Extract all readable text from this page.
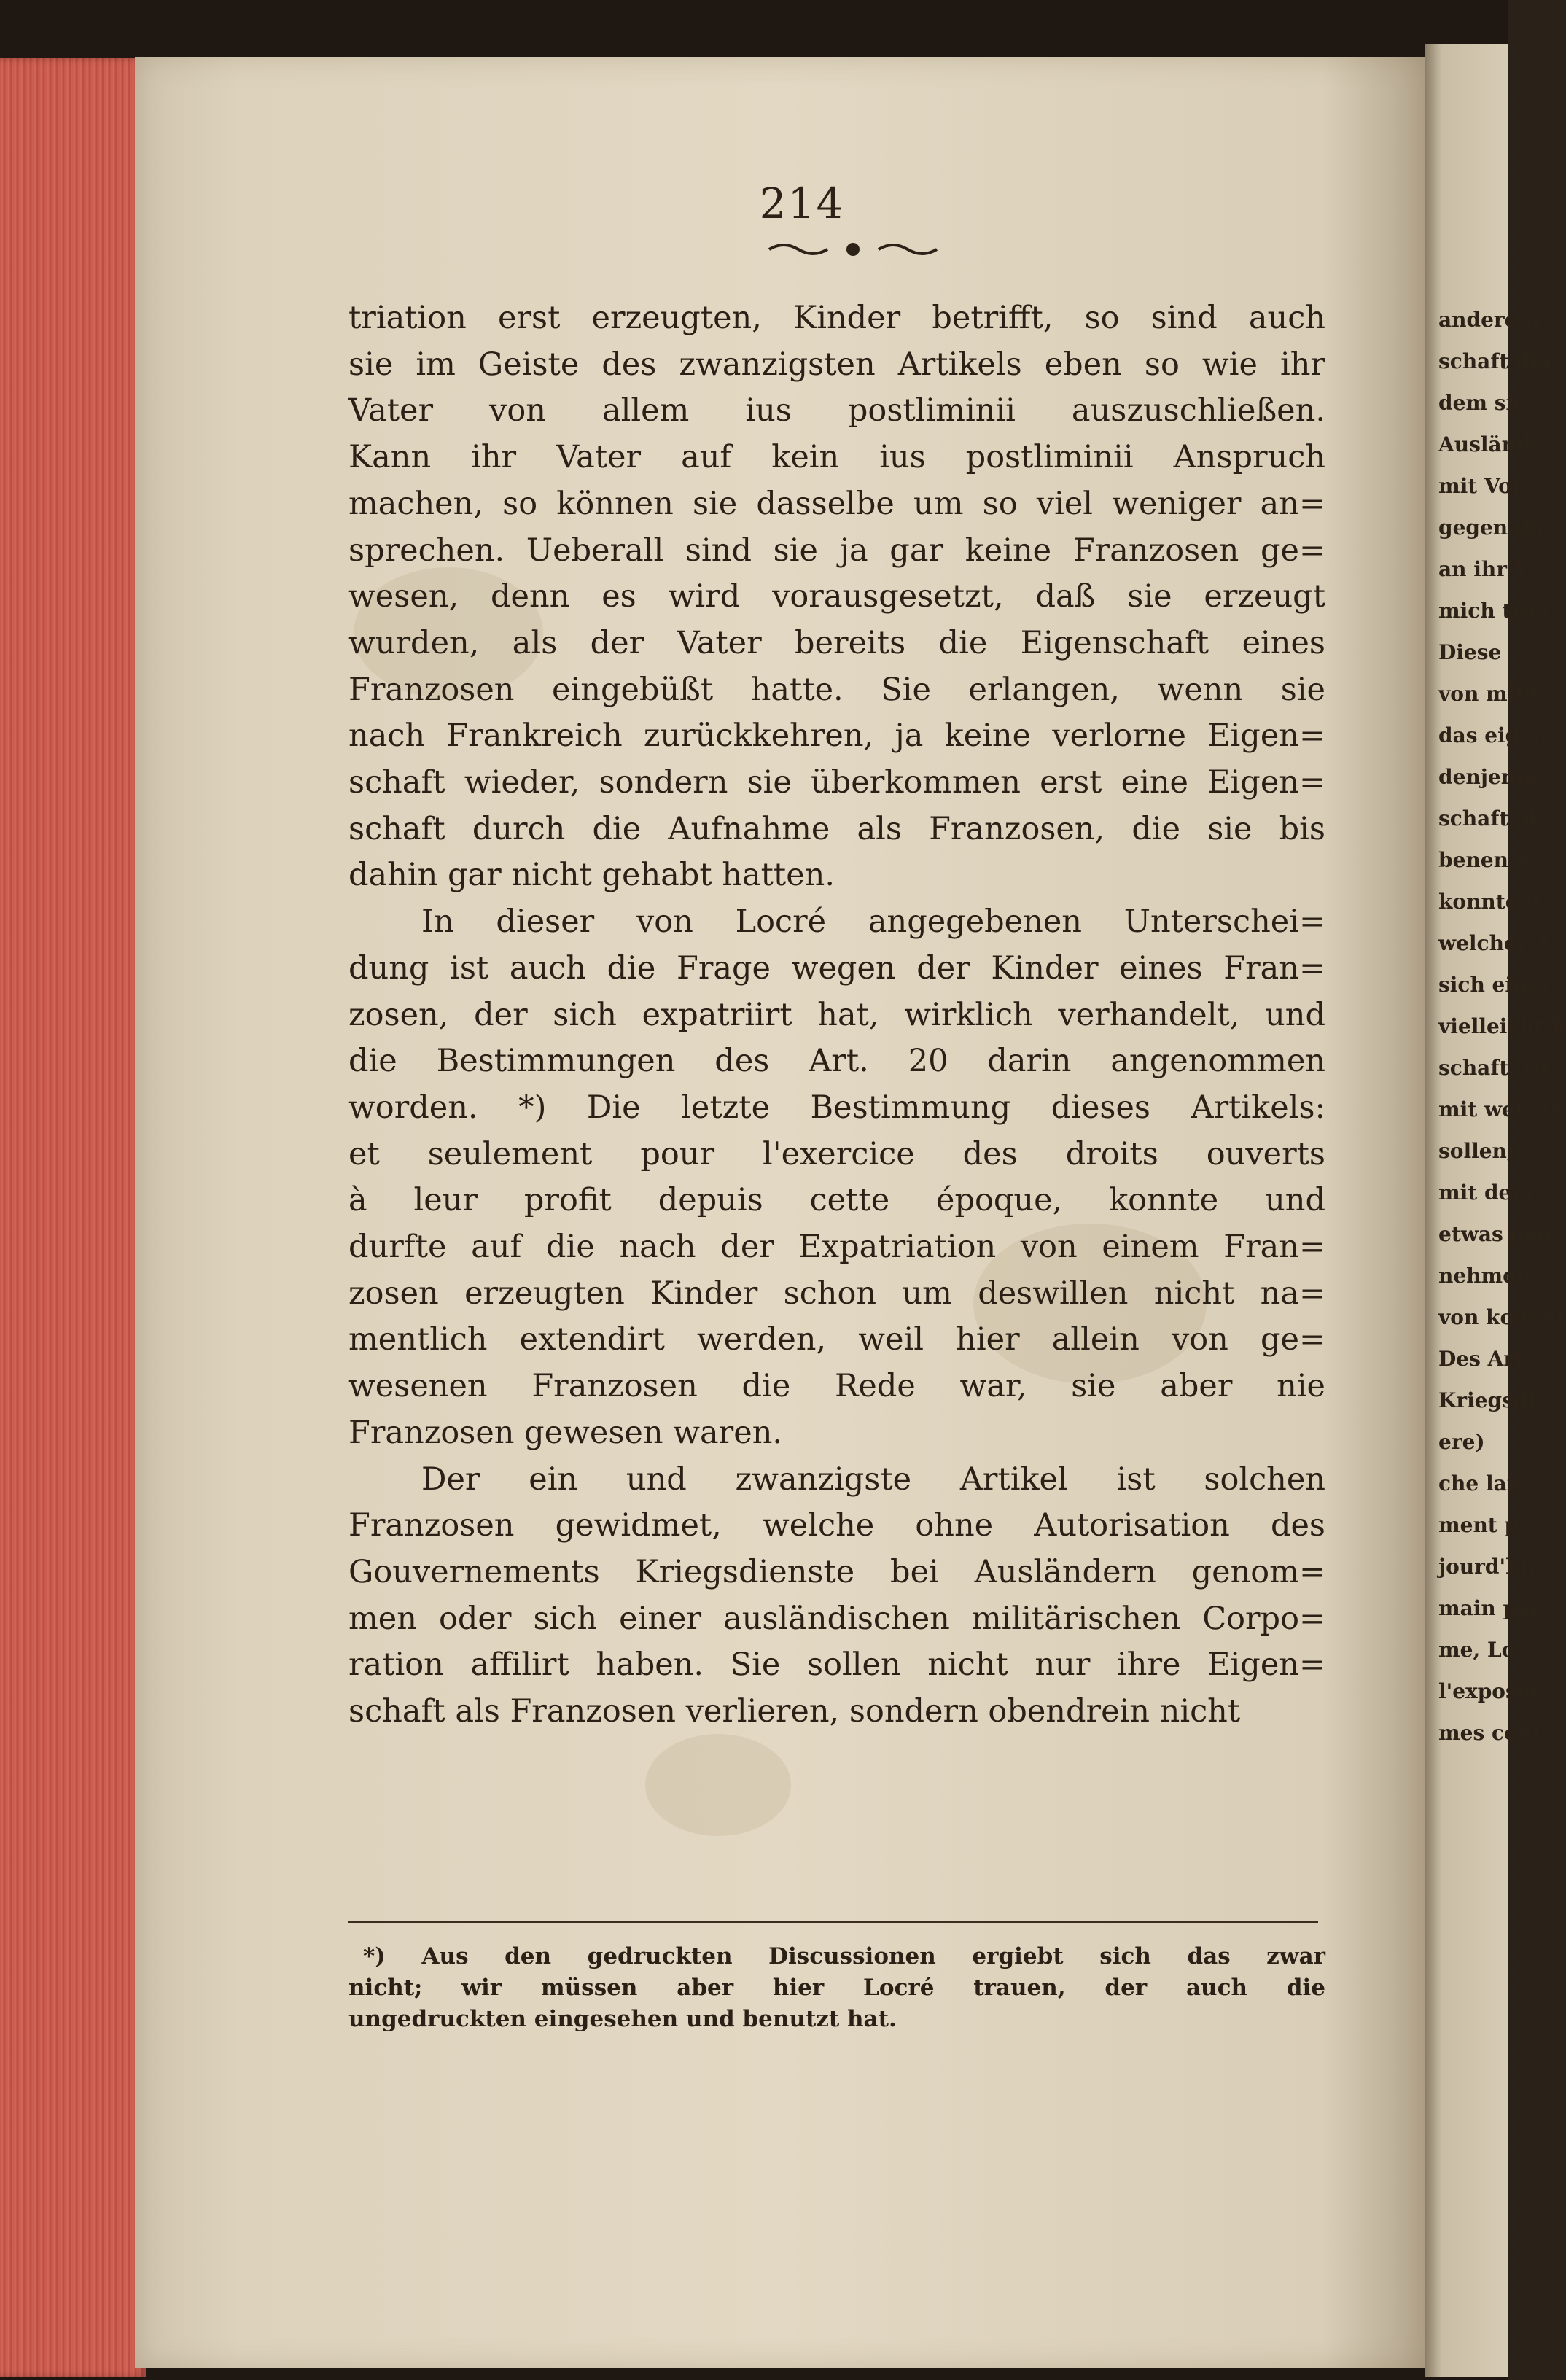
214

triation erst erzeugten, Kinder betrifft, so sind auch

sie im Geiste des zwanzigsten Artikels eben so wie ihr

Vater von allem ius postliminii auszuschließen.

Kann ihr Vater auf kein ius postliminii Anspruch

machen, so können sie dasselbe um so viel weniger an=

sprechen. Ueberall sind sie ja gar keine Franzosen ge=

wesen, denn es wird vorausgesetzt, daß sie erzeugt

wurden, als der Vater bereits die Eigenschaft eines

Franzosen eingebüßt hatte. Sie erlangen, wenn sie

nach Frankreich zurückkehren, ja keine verlorne Eigen=

schaft wieder, sondern sie überkommen erst eine Eigen=

schaft durch die Aufnahme als Franzosen, die sie bis

dahin gar nicht gehabt hatten.

In dieser von Locré angegebenen Unterschei=

dung ist auch die Frage wegen der Kinder eines Fran=

zosen, der sich expatriirt hat, wirklich verhandelt, und

die Bestimmungen des Art. 20 darin angenommen

worden. *) Die letzte Bestimmung dieses Artikels:

et seulement pour l'exercice des droits ouverts

à leur profit depuis cette époque, konnte und

durfte auf die nach der Expatriation von einem Fran=

zosen erzeugten Kinder schon um deswillen nicht na=

mentlich extendirt werden, weil hier allein von ge=

wesenen Franzosen die Rede war, sie aber nie

Franzosen gewesen waren.

Der ein und zwanzigste Artikel ist solchen

Franzosen gewidmet, welche ohne Autorisation des

Gouvernements Kriegsdienste bei Ausländern genom=

men oder sich einer ausländischen militärischen Corpo=

ration affilirt haben. Sie sollen nicht nur ihre Eigen=

schaft als Franzosen verlieren, sondern obendrein nicht

*) Aus den gedruckten Discussionen ergiebt sich das zwar

nicht; wir müssen aber hier Locré trauen, der auch die

ungedruckten eingesehen und benutzt hat.

andere n
schaft der
dem sie
Ausländ
mit Vor
gegen die
an ihr V
mich trag
Diese
von militä
das eigen
denjenige
schaft al
benen A
konnte d
welcher A
sich einer
vielleicht h
schaft, so
mit welche
sollen, e
mit dem
etwas geg
nehmen,
von kommt
Des Art.
Kriegsdi
ere)
che lan
ment pa
jourd'hu
main per
me, Lo
l'exposer
mes cont
